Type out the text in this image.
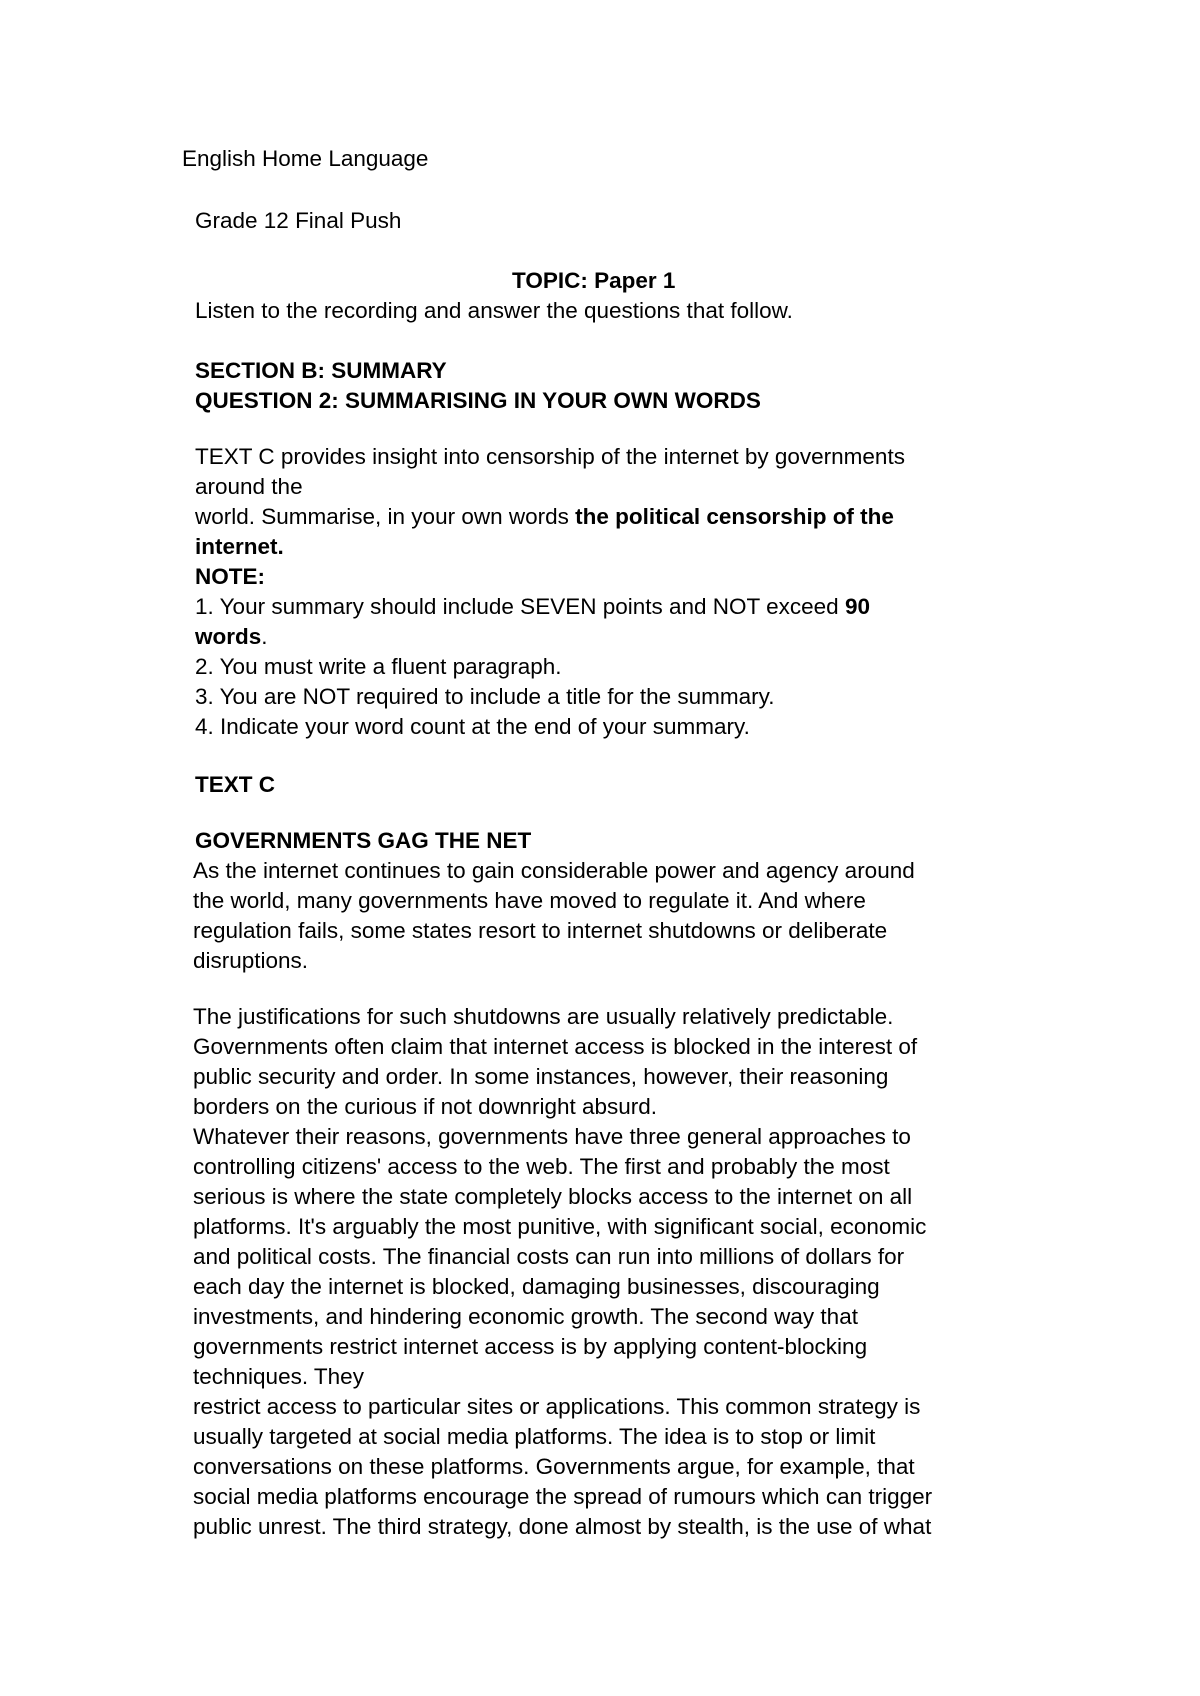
English Home Language
Grade 12 Final Push
TOPIC: Paper 1
Listen to the recording and answer the questions that follow.
SECTION B: SUMMARY
QUESTION 2: SUMMARISING IN YOUR OWN WORDS
TEXT C provides insight into censorship of the internet by governments
around the
world. Summarise, in your own words the political censorship of the
internet.
NOTE:
1. Your summary should include SEVEN points and NOT exceed 90
words.
2. You must write a fluent paragraph.
3. You are NOT required to include a title for the summary.
4. Indicate your word count at the end of your summary.
TEXT C
GOVERNMENTS GAG THE NET
As the internet continues to gain considerable power and agency around
the world, many governments have moved to regulate it. And where
regulation fails, some states resort to internet shutdowns or deliberate
disruptions.
The justifications for such shutdowns are usually relatively predictable.
Governments often claim that internet access is blocked in the interest of
public security and order. In some instances, however, their reasoning
borders on the curious if not downright absurd.
Whatever their reasons, governments have three general approaches to
controlling citizens' access to the web. The first and probably the most
serious is where the state completely blocks access to the internet on all
platforms. It's arguably the most punitive, with significant social, economic
and political costs. The financial costs can run into millions of dollars for
each day the internet is blocked, damaging businesses, discouraging
investments, and hindering economic growth. The second way that
governments restrict internet access is by applying content-blocking
techniques. They
restrict access to particular sites or applications. This common strategy is
usually targeted at social media platforms. The idea is to stop or limit
conversations on these platforms. Governments argue, for example, that
social media platforms encourage the spread of rumours which can trigger
public unrest. The third strategy, done almost by stealth, is the use of what
